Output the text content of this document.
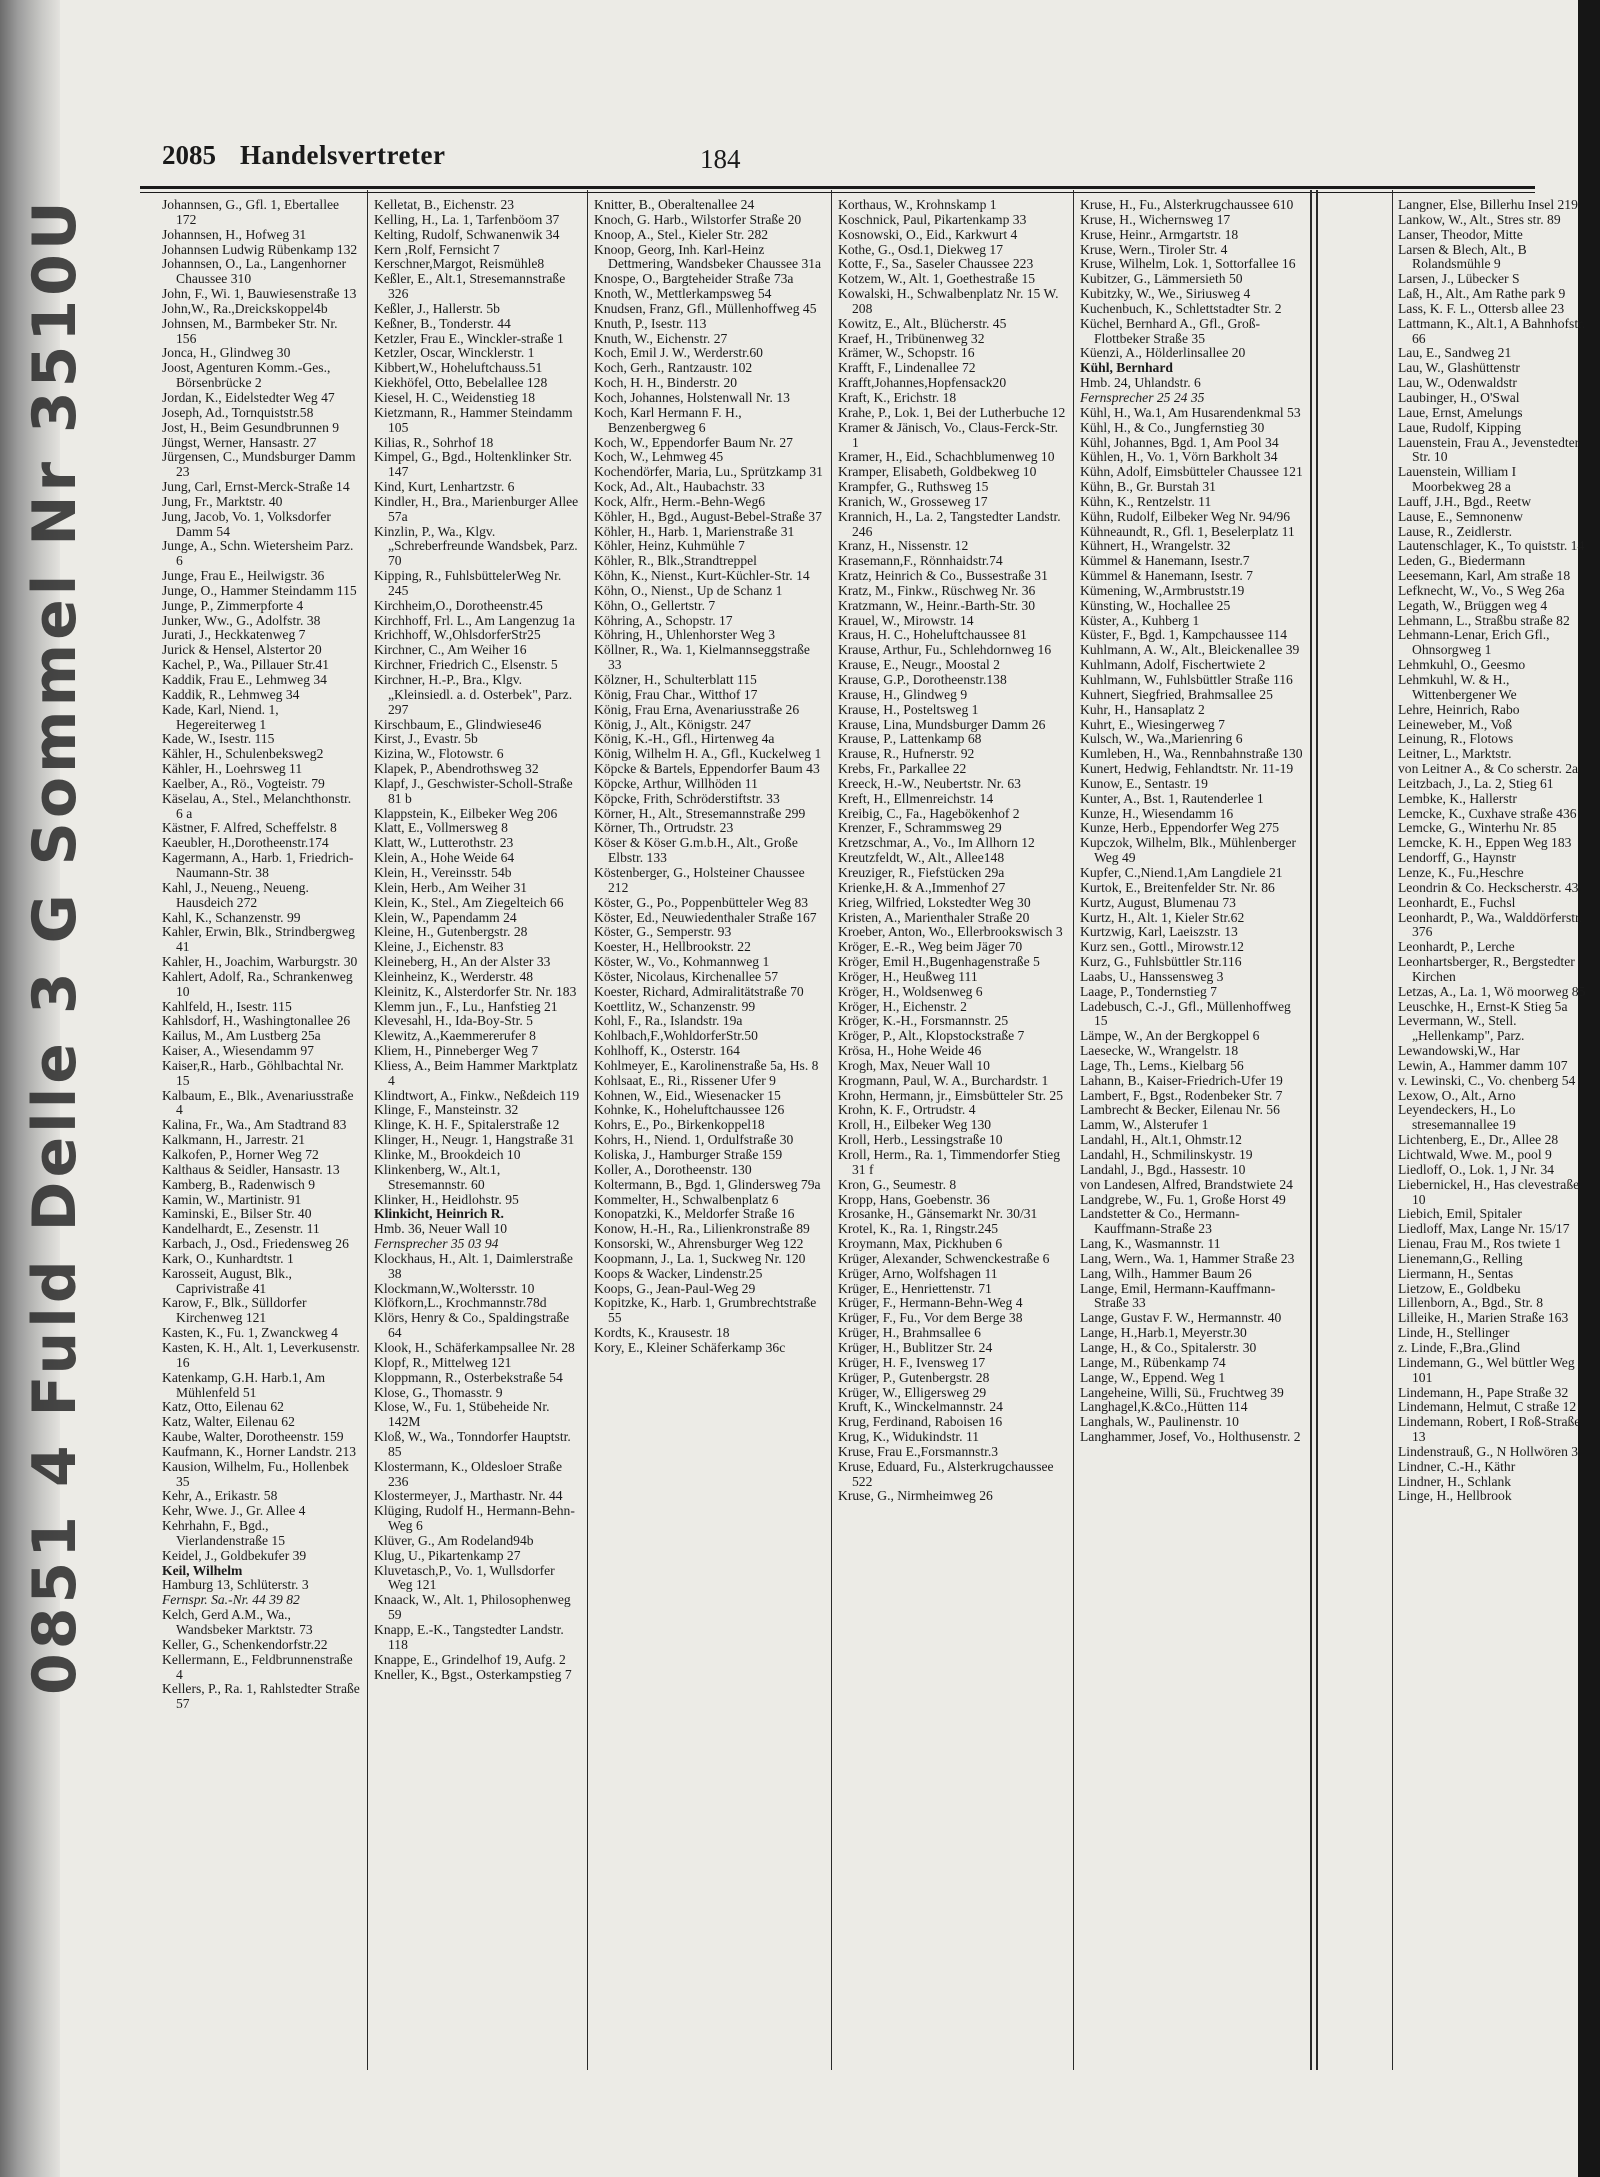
0851 4 Fuld Delle 3 G Sommel Nr 3510U
2085 Handelsvertreter	184

Johannsen, G., Gfl. 1, Ebertallee 172

Johannsen, H., Hofweg 31

Johannsen Ludwig Rübenkamp 132

Johannsen, O., La., Langenhorner Chaussee 310

John, F., Wi. 1, Bauwiesenstraße 13

John,W., Ra.,Dreickskoppel4b

Johnsen, M., Barmbeker Str. Nr. 156

Jonca, H., Glindweg 30

Joost, Agenturen Komm.-Ges., Börsenbrücke 2

Jordan, K., Eidelstedter Weg 47

Joseph, Ad., Tornquiststr.58

Jost, H., Beim Gesundbrunnen 9

Jüngst, Werner, Hansastr. 27

Jürgensen, C., Mundsburger Damm 23

Jung, Carl, Ernst-Merck-Straße 14

Jung, Fr., Marktstr. 40

Jung, Jacob, Vo. 1, Volksdorfer Damm 54

Junge, A., Schn. Wietersheim Parz. 6

Junge, Frau E., Heilwigstr. 36

Junge, O., Hammer Steindamm 115

Junge, P., Zimmerpforte 4

Junker, Ww., G., Adolfstr. 38

Jurati, J., Heckkatenweg 7

Jurick & Hensel, Alstertor 20

Kachel, P., Wa., Pillauer Str.41

Kaddik, Frau E., Lehmweg 34

Kaddik, R., Lehmweg 34

Kade, Karl, Niend. 1, Hegereiterweg 1

Kade, W., Isestr. 115

Kähler, H., Schulenbeksweg2

Kähler, H., Loehrsweg 11

Kaelber, A., Rö., Vogteistr. 79

Käselau, A., Stel., Melanchthonstr. 6 a

Kästner, F. Alfred, Scheffelstr. 8

Kaeubler, H.,Dorotheenstr.174

Kagermann, A., Harb. 1, Friedrich-Naumann-Str. 38

Kahl, J., Neueng., Neueng. Hausdeich 272

Kahl, K., Schanzenstr. 99

Kahler, Erwin, Blk., Strindbergweg 41

Kahler, H., Joachim, Warburgstr. 30

Kahlert, Adolf, Ra., Schrankenweg 10

Kahlfeld, H., Isestr. 115

Kahlsdorf, H., Washingtonallee 26

Kailus, M., Am Lustberg 25a

Kaiser, A., Wiesendamm 97

Kaiser,R., Harb., Göhlbachtal Nr. 15

Kalbaum, E., Blk., Avenariusstraße 4

Kalina, Fr., Wa., Am Stadtrand 83

Kalkmann, H., Jarrestr. 21

Kalkofen, P., Horner Weg 72

Kalthaus & Seidler, Hansastr. 13

Kamberg, B., Radenwisch 9

Kamin, W., Martinistr. 91

Kaminski, E., Bilser Str. 40

Kandelhardt, E., Zesenstr. 11

Karbach, J., Osd., Friedensweg 26

Kark, O., Kunhardtstr. 1

Karosseit, August, Blk., Caprivistraße 41

Karow, F., Blk., Sülldorfer Kirchenweg 121

Kasten, K., Fu. 1, Zwanckweg 4

Kasten, K. H., Alt. 1, Leverkusenstr. 16

Katenkamp, G.H. Harb.1, Am Mühlenfeld 51

Katz, Otto, Eilenau 62

Katz, Walter, Eilenau 62

Kaube, Walter, Dorotheenstr. 159

Kaufmann, K., Horner Landstr. 213

Kausion, Wilhelm, Fu., Hollenbek 35

Kehr, A., Erikastr. 58

Kehr, Wwe. J., Gr. Allee 4

Kehrhahn, F., Bgd., Vierlandenstraße 15

Keidel, J., Goldbekufer 39

Keil, Wilhelm

Hamburg 13, Schlüterstr. 3

Fernspr. Sa.-Nr. 44 39 82

Kelch, Gerd A.M., Wa., Wandsbeker Marktstr. 73

Keller, G., Schenkendorfstr.22

Kellermann, E., Feldbrunnenstraße 4

Kellers, P., Ra. 1, Rahlstedter Straße 57

Kelletat, B., Eichenstr. 23

Kelling, H., La. 1, Tarfenböom 37

Kelting, Rudolf, Schwanenwik 34

Kern ,Rolf, Fernsicht 7

Kerschner,Margot, Reismühle8

Keßler, E., Alt.1, Stresemannstraße 326

Keßler, J., Hallerstr. 5b

Keßner, B., Tonderstr. 44

Ketzler, Frau E., Winckler-straße 1

Ketzler, Oscar, Wincklerstr. 1

Kibbert,W., Hoheluftchauss.51

Kiekhöfel, Otto, Bebelallee 128

Kiesel, H. C., Weidenstieg 18

Kietzmann, R., Hammer Steindamm 105

Kilias, R., Sohrhof 18

Kimpel, G., Bgd., Holtenklinker Str. 147

Kind, Kurt, Lenhartzstr. 6

Kindler, H., Bra., Marienburger Allee 57a

Kinzlin, P., Wa., Klgv. „Schreberfreunde Wandsbek, Parz. 70

Kipping, R., FuhlsbüttelerWeg Nr. 245

Kirchheim,O., Dorotheenstr.45

Kirchhoff, Frl. L., Am Langenzug 1a

Krichhoff, W.,OhlsdorferStr25

Kirchner, C., Am Weiher 16

Kirchner, Friedrich C., Elsenstr. 5

Kirchner, H.-P., Bra., Klgv. „Kleinsiedl. a. d. Osterbek", Parz. 297

Kirschbaum, E., Glindwiese46

Kirst, J., Evastr. 5b

Kizina, W., Flotowstr. 6

Klapek, P., Abendrothsweg 32

Klapf, J., Geschwister-Scholl-Straße 81 b

Klappstein, K., Eilbeker Weg 206

Klatt, E., Vollmersweg 8

Klatt, W., Lutterothstr. 23

Klein, A., Hohe Weide 64

Klein, H., Vereinsstr. 54b

Klein, Herb., Am Weiher 31

Klein, K., Stel., Am Ziegelteich 66

Klein, W., Papendamm 24

Kleine, H., Gutenbergstr. 28

Kleine, J., Eichenstr. 83

Kleineberg, H., An der Alster 33

Kleinheinz, K., Werderstr. 48

Kleinitz, K., Alsterdorfer Str. Nr. 183

Klemm jun., F., Lu., Hanfstieg 21

Klevesahl, H., Ida-Boy-Str. 5

Klewitz, A.,Kaemmererufer 8

Kliem, H., Pinneberger Weg 7

Kliess, A., Beim Hammer Marktplatz 4

Klindtwort, A., Finkw., Neßdeich 119

Klinge, F., Mansteinstr. 32

Klinge, K. H. F., Spitalerstraße 12

Klinger, H., Neugr. 1, Hangstraße 31

Klinke, M., Brookdeich 10

Klinkenberg, W., Alt.1, Stresemannstr. 60

Klinker, H., Heidlohstr. 95

Klinkicht, Heinrich R.

Hmb. 36, Neuer Wall 10

Fernsprecher 35 03 94

Klockhaus, H., Alt. 1, Daimlerstraße 38

Klockmann,W.,Woltersstr. 10

Klöfkorn,L., Krochmannstr.78d

Klörs, Henry & Co., Spaldingstraße 64

Klook, H., Schäferkampsallee Nr. 28

Klopf, R., Mittelweg 121

Kloppmann, R., Osterbekstraße 54

Klose, G., Thomasstr. 9

Klose, W., Fu. 1, Stübeheide Nr. 142M

Kloß, W., Wa., Tonndorfer Hauptstr. 85

Klostermann, K., Oldesloer Straße 236

Klostermeyer, J., Marthastr. Nr. 44

Klüging, Rudolf H., Hermann-Behn-Weg 6

Klüver, G., Am Rodeland94b

Klug, U., Pikartenkamp 27

Kluvetasch,P., Vo. 1, Wullsdorfer Weg 121

Knaack, W., Alt. 1, Philosophenweg 59

Knapp, E.-K., Tangstedter Landstr. 118

Knappe, E., Grindelhof 19, Aufg. 2

Kneller, K., Bgst., Osterkampstieg 7

Knitter, B., Oberaltenallee 24

Knoch, G. Harb., Wilstorfer Straße 20

Knoop, A., Stel., Kieler Str. 282

Knoop, Georg, Inh. Karl-Heinz Dettmering, Wandsbeker Chaussee 31a

Knospe, O., Bargteheider Straße 73a

Knoth, W., Mettlerkampsweg 54

Knudsen, Franz, Gfl., Müllenhoffweg 45

Knuth, P., Isestr. 113

Knuth, W., Eichenstr. 27

Koch, Emil J. W., Werderstr.60

Koch, Gerh., Rantzaustr. 102

Koch, H. H., Binderstr. 20

Koch, Johannes, Holstenwall Nr. 13

Koch, Karl Hermann F. H., Benzenbergweg 6

Koch, W., Eppendorfer Baum Nr. 27

Koch, W., Lehmweg 45

Kochendörfer, Maria, Lu., Sprützkamp 31

Kock, Ad., Alt., Haubachstr. 33

Kock, Alfr., Herm.-Behn-Weg6

Köhler, H., Bgd., August-Bebel-Straße 37

Köhler, H., Harb. 1, Marienstraße 31

Köhler, Heinz, Kuhmühle 7

Köhler, R., Blk.,Strandtreppel

Köhn, K., Nienst., Kurt-Küchler-Str. 14

Köhn, O., Nienst., Up de Schanz 1

Köhn, O., Gellertstr. 7

Köhring, A., Schopstr. 17

Köhring, H., Uhlenhorster Weg 3

Köllner, R., Wa. 1, Kielmannseggstraße 33

Kölzner, H., Schulterblatt 115

König, Frau Char., Witthof 17

König, Frau Erna, Avenariusstraße 26

König, J., Alt., Königstr. 247

König, K.-H., Gfl., Hirtenweg 4a

König, Wilhelm H. A., Gfl., Kuckelweg 1

Köpcke & Bartels, Eppendorfer Baum 43

Köpcke, Arthur, Willhöden 11

Köpcke, Frith, Schröderstiftstr. 33

Körner, H., Alt., Stresemannstraße 299

Körner, Th., Ortrudstr. 23

Köser & Köser G.m.b.H., Alt., Große Elbstr. 133

Köstenberger, G., Holsteiner Chaussee 212

Köster, G., Po., Poppenbütteler Weg 83

Köster, Ed., Neuwiedenthaler Straße 167

Köster, G., Semperstr. 93

Koester, H., Hellbrookstr. 22

Köster, W., Vo., Kohmannweg 1

Köster, Nicolaus, Kirchenallee 57

Koester, Richard, Admiralitätstraße 70

Koettlitz, W., Schanzenstr. 99

Kohl, F., Ra., Islandstr. 19a

Kohlbach,F.,WohldorferStr.50

Kohlhoff, K., Osterstr. 164

Kohlmeyer, E., Karolinenstraße 5a, Hs. 8

Kohlsaat, E., Ri., Rissener Ufer 9

Kohnen, W., Eid., Wiesenacker 15

Kohnke, K., Hoheluftchaussee 126

Kohrs, E., Po., Birkenkoppel18

Kohrs, H., Niend. 1, Ordulfstraße 30

Koliska, J., Hamburger Straße 159

Koller, A., Dorotheenstr. 130

Koltermann, B., Bgd. 1, Glindersweg 79a

Kommelter, H., Schwalbenplatz 6

Konopatzki, K., Meldorfer Straße 16

Konow, H.-H., Ra., Lilienkronstraße 89

Konsorski, W., Ahrensburger Weg 122

Koopmann, J., La. 1, Suckweg Nr. 120

Koops & Wacker, Lindenstr.25

Koops, G., Jean-Paul-Weg 29

Kopitzke, K., Harb. 1, Grumbrechtstraße 55

Kordts, K., Krausestr. 18

Kory, E., Kleiner Schäferkamp 36c

Korthaus, W., Krohnskamp 1

Koschnick, Paul, Pikartenkamp 33

Kosnowski, O., Eid., Karkwurt 4

Kothe, G., Osd.1, Diekweg 17

Kotte, F., Sa., Saseler Chaussee 223

Kotzem, W., Alt. 1, Goethestraße 15

Kowalski, H., Schwalbenplatz Nr. 15 W. 208

Kowitz, E., Alt., Blücherstr. 45

Kraef, H., Tribünenweg 32

Krämer, W., Schopstr. 16

Krafft, F., Lindenallee 72

Krafft,Johannes,Hopfensack20

Kraft, K., Erichstr. 18

Krahe, P., Lok. 1, Bei der Lutherbuche 12

Kramer & Jänisch, Vo., Claus-Ferck-Str. 1

Kramer, H., Eid., Schachblumenweg 10

Kramper, Elisabeth, Goldbekweg 10

Krampfer, G., Ruthsweg 15

Kranich, W., Grosseweg 17

Krannich, H., La. 2, Tangstedter Landstr. 246

Kranz, H., Nissenstr. 12

Krasemann,F., Rönnhaidstr.74

Kratz, Heinrich & Co., Bussestraße 31

Kratz, M., Finkw., Rüschweg Nr. 36

Kratzmann, W., Heinr.-Barth-Str. 30

Krauel, W., Mirowstr. 14

Kraus, H. C., Hoheluftchaussee 81

Krause, Arthur, Fu., Schlehdornweg 16

Krause, E., Neugr., Moostal 2

Krause, G.P., Dorotheenstr.138

Krause, H., Glindweg 9

Krause, H., Posteltsweg 1

Krause, Lina, Mundsburger Damm 26

Krause, P., Lattenkamp 68

Krause, R., Hufnerstr. 92

Krebs, Fr., Parkallee 22

Kreeck, H.-W., Neubertstr. Nr. 63

Kreft, H., Ellmenreichstr. 14

Kreibig, C., Fa., Hagebökenhof 2

Krenzer, F., Schrammsweg 29

Kretzschmar, A., Vo., Im Allhorn 12

Kreutzfeldt, W., Alt., Allee148

Kreuziger, R., Fiefstücken 29a

Krienke,H. & A.,Immenhof 27

Krieg, Wilfried, Lokstedter Weg 30

Kristen, A., Marienthaler Straße 20

Kroeber, Anton, Wo., Ellerbrookswisch 3

Kröger, E.-R., Weg beim Jäger 70

Kröger, Emil H.,Bugenhagenstraße 5

Kröger, H., Heußweg 111

Kröger, H., Woldsenweg 6

Kröger, H., Eichenstr. 2

Kröger, K.-H., Forsmannstr. 25

Kröger, P., Alt., Klopstockstraße 7

Krösa, H., Hohe Weide 46

Krogh, Max, Neuer Wall 10

Krogmann, Paul, W. A., Burchardstr. 1

Krohn, Hermann, jr., Eimsbütteler Str. 25

Krohn, K. F., Ortrudstr. 4

Kroll, H., Eilbeker Weg 130

Kroll, Herb., Lessingstraße 10

Kroll, Herm., Ra. 1, Timmendorfer Stieg 31 f

Kron, G., Seumestr. 8

Kropp, Hans, Goebenstr. 36

Krosanke, H., Gänsemarkt Nr. 30/31

Krotel, K., Ra. 1, Ringstr.245

Kroymann, Max, Pickhuben 6

Krüger, Alexander, Schwenckestraße 6

Krüger, Arno, Wolfshagen 11

Krüger, E., Henriettenstr. 71

Krüger, F., Hermann-Behn-Weg 4

Krüger, F., Fu., Vor dem Berge 38

Krüger, H., Brahmsallee 6

Krüger, H., Bublitzer Str. 24

Krüger, H. F., Ivensweg 17

Krüger, P., Gutenbergstr. 28

Krüger, W., Elligersweg 29

Kruft, K., Winckelmannstr. 24

Krug, Ferdinand, Raboisen 16

Krug, K., Widukindstr. 11

Kruse, Frau E.,Forsmannstr.3

Kruse, Eduard, Fu., Alsterkrugchaussee 522

Kruse, G., Nirmheimweg 26

Kruse, H., Fu., Alsterkrugchaussee 610

Kruse, H., Wichernsweg 17

Kruse, Heinr., Armgartstr. 18

Kruse, Wern., Tiroler Str. 4

Kruse, Wilhelm, Lok. 1, Sottorfallee 16

Kubitzer, G., Lämmersieth 50

Kubitzky, W., We., Siriusweg 4

Kuchenbuch, K., Schlettstadter Str. 2

Küchel, Bernhard A., Gfl., Groß-Flottbeker Straße 35

Küenzi, A., Hölderlinsallee 20

Kühl, Bernhard

Hmb. 24, Uhlandstr. 6

Fernsprecher 25 24 35

Kühl, H., Wa.1, Am Husarendenkmal 53

Kühl, H., & Co., Jungfernstieg 30

Kühl, Johannes, Bgd. 1, Am Pool 34

Kühlen, H., Vo. 1, Vörn Barkholt 34

Kühn, Adolf, Eimsbütteler Chaussee 121

Kühn, B., Gr. Burstah 31

Kühn, K., Rentzelstr. 11

Kühn, Rudolf, Eilbeker Weg Nr. 94/96

Kühneaundt, R., Gfl. 1, Beselerplatz 11

Kühnert, H., Wrangelstr. 32

Kümmel & Hanemann, Isestr.7

Kümmel & Hanemann, Isestr. 7

Kümening, W.,Armbruststr.19

Künsting, W., Hochallee 25

Küster, A., Kuhberg 1

Küster, F., Bgd. 1, Kampchaussee 114

Kuhlmann, A. W., Alt., Bleickenallee 39

Kuhlmann, Adolf, Fischertwiete 2

Kuhlmann, W., Fuhlsbüttler Straße 116

Kuhnert, Siegfried, Brahmsallee 25

Kuhr, H., Hansaplatz 2

Kuhrt, E., Wiesingerweg 7

Kulsch, W., Wa.,Marienring 6

Kumleben, H., Wa., Rennbahnstraße 130

Kunert, Hedwig, Fehlandtstr. Nr. 11-19

Kunow, E., Sentastr. 19

Kunter, A., Bst. 1, Rautenderlee 1

Kunze, H., Wiesendamm 16

Kunze, Herb., Eppendorfer Weg 275

Kupczok, Wilhelm, Blk., Mühlenberger Weg 49

Kupfer, C.,Niend.1,Am Langdiele 21

Kurtok, E., Breitenfelder Str. Nr. 86

Kurtz, August, Blumenau 73

Kurtz, H., Alt. 1, Kieler Str.62

Kurtzwig, Karl, Laeiszstr. 13

Kurz sen., Gottl., Mirowstr.12

Kurz, G., Fuhlsbüttler Str.116

Laabs, U., Hanssensweg 3

Laage, P., Tondernstieg 7

Ladebusch, C.-J., Gfl., Müllenhoffweg 15

Lämpe, W., An der Bergkoppel 6

Laesecke, W., Wrangelstr. 18

Lage, Th., Lems., Kielbarg 56

Lahann, B., Kaiser-Friedrich-Ufer 19

Lambert, F., Bgst., Rodenbeker Str. 7

Lambrecht & Becker, Eilenau Nr. 56

Lamm, W., Alsterufer 1

Landahl, H., Alt.1, Ohmstr.12

Landahl, H., Schmilinskystr. 19

Landahl, J., Bgd., Hassestr. 10

von Landesen, Alfred, Brandstwiete 24

Landgrebe, W., Fu. 1, Große Horst 49

Landstetter & Co., Hermann-Kauffmann-Straße 23

Lang, K., Wasmannstr. 11

Lang, Wern., Wa. 1, Hammer Straße 23

Lang, Wilh., Hammer Baum 26

Lange, Emil, Hermann-Kauffmann-Straße 33

Lange, Gustav F. W., Hermannstr. 40

Lange, H.,Harb.1, Meyerstr.30

Lange, H., & Co., Spitalerstr. 30

Lange, M., Rübenkamp 74

Lange, W., Eppend. Weg 1

Langeheine, Willi, Sü., Fruchtweg 39

Langhagel,K.&Co.,Hütten 114

Langhals, W., Paulinenstr. 10

Langhammer, Josef, Vo., Holthusenstr. 2

Langner, Else, Billerhu Insel 219

Lankow, W., Alt., Stres str. 89

Lanser, Theodor, Mitte

Larsen & Blech, Alt., B Rolandsmühle 9

Larsen, J., Lübecker S

Laß, H., Alt., Am Rathe park 9

Lass, K. F. L., Ottersb allee 23

Lattmann, K., Alt.1, A Bahnhofstr. 66

Lau, E., Sandweg 21

Lau, W., Glashüttenstr

Lau, W., Odenwaldstr

Laubinger, H., O'Swal

Laue, Ernst, Amelungs

Laue, Rudolf, Kipping

Lauenstein, Frau A., Jevenstedter Str. 10

Lauenstein, William I Moorbekweg 28 a

Lauff, J.H., Bgd., Reetw

Lause, E., Semnonenw

Lause, R., Zeidlerstr.

Lautenschlager, K., To quiststr. 14

Leden, G., Biedermann

Leesemann, Karl, Am straße 18

Lefknecht, W., Vo., S Weg 26a

Legath, W., Brüggen weg 4

Lehmann, L., Straßbu straße 82

Lehmann-Lenar, Erich Gfl., Ohnsorgweg 1

Lehmkuhl, O., Geesmo

Lehmkuhl, W. & H., Wittenbergener We

Lehre, Heinrich, Rabo

Leineweber, M., Voß

Leinung, R., Flotows

Leitner, L., Marktstr.

von Leitner A., & Co scherstr. 2a

Leitzbach, J., La. 2, Stieg 61

Lembke, K., Hallerstr

Lemcke, K., Cuxhave straße 436

Lemcke, G., Winterhu Nr. 85

Lemcke, K. H., Eppen Weg 183

Lendorff, G., Haynstr

Lenze, K., Fu.,Heschre

Leondrin & Co. Heckscherstr. 43

Leonhardt, E., Fuchsl

Leonhardt, P., Wa., Walddörferstr. 376

Leonhardt, P., Lerche

Leonhartsberger, R., Bergstedter Kirchen

Letzas, A., La. 1, Wö moorweg 85

Leuschke, H., Ernst-K Stieg 5a

Levermann, W., Stell. „Hellenkamp", Parz.

Lewandowski,W., Har

Lewin, A., Hammer damm 107

v. Lewinski, C., Vo. chenberg 54

Lexow, O., Alt., Arno

Leyendeckers, H., Lo stresemannallee 19

Lichtenberg, E., Dr., Allee 28

Lichtwald, Wwe. M., pool 9

Liedloff, O., Lok. 1, J Nr. 34

Liebernickel, H., Has clevestraße 10

Liebich, Emil, Spitaler

Liedloff, Max, Lange Nr. 15/17

Lienau, Frau M., Ros twiete 1

Lienemann,G., Relling

Liermann, H., Sentas

Lietzow, E., Goldbeku

Lillenborn, A., Bgd., Str. 8

Lilleike, H., Marien Straße 163

Linde, H., Stellinger

z. Linde, F.,Bra.,Glind

Lindemann, G., Wel büttler Weg 101

Lindemann, H., Pape Straße 32

Lindemann, Helmut, C straße 12

Lindemann, Robert, I Roß-Straße 13

Lindenstrauß, G., N Hollwören 3

Lindner, C.-H., Käthr

Lindner, H., Schlank

Linge, H., Hellbrook
